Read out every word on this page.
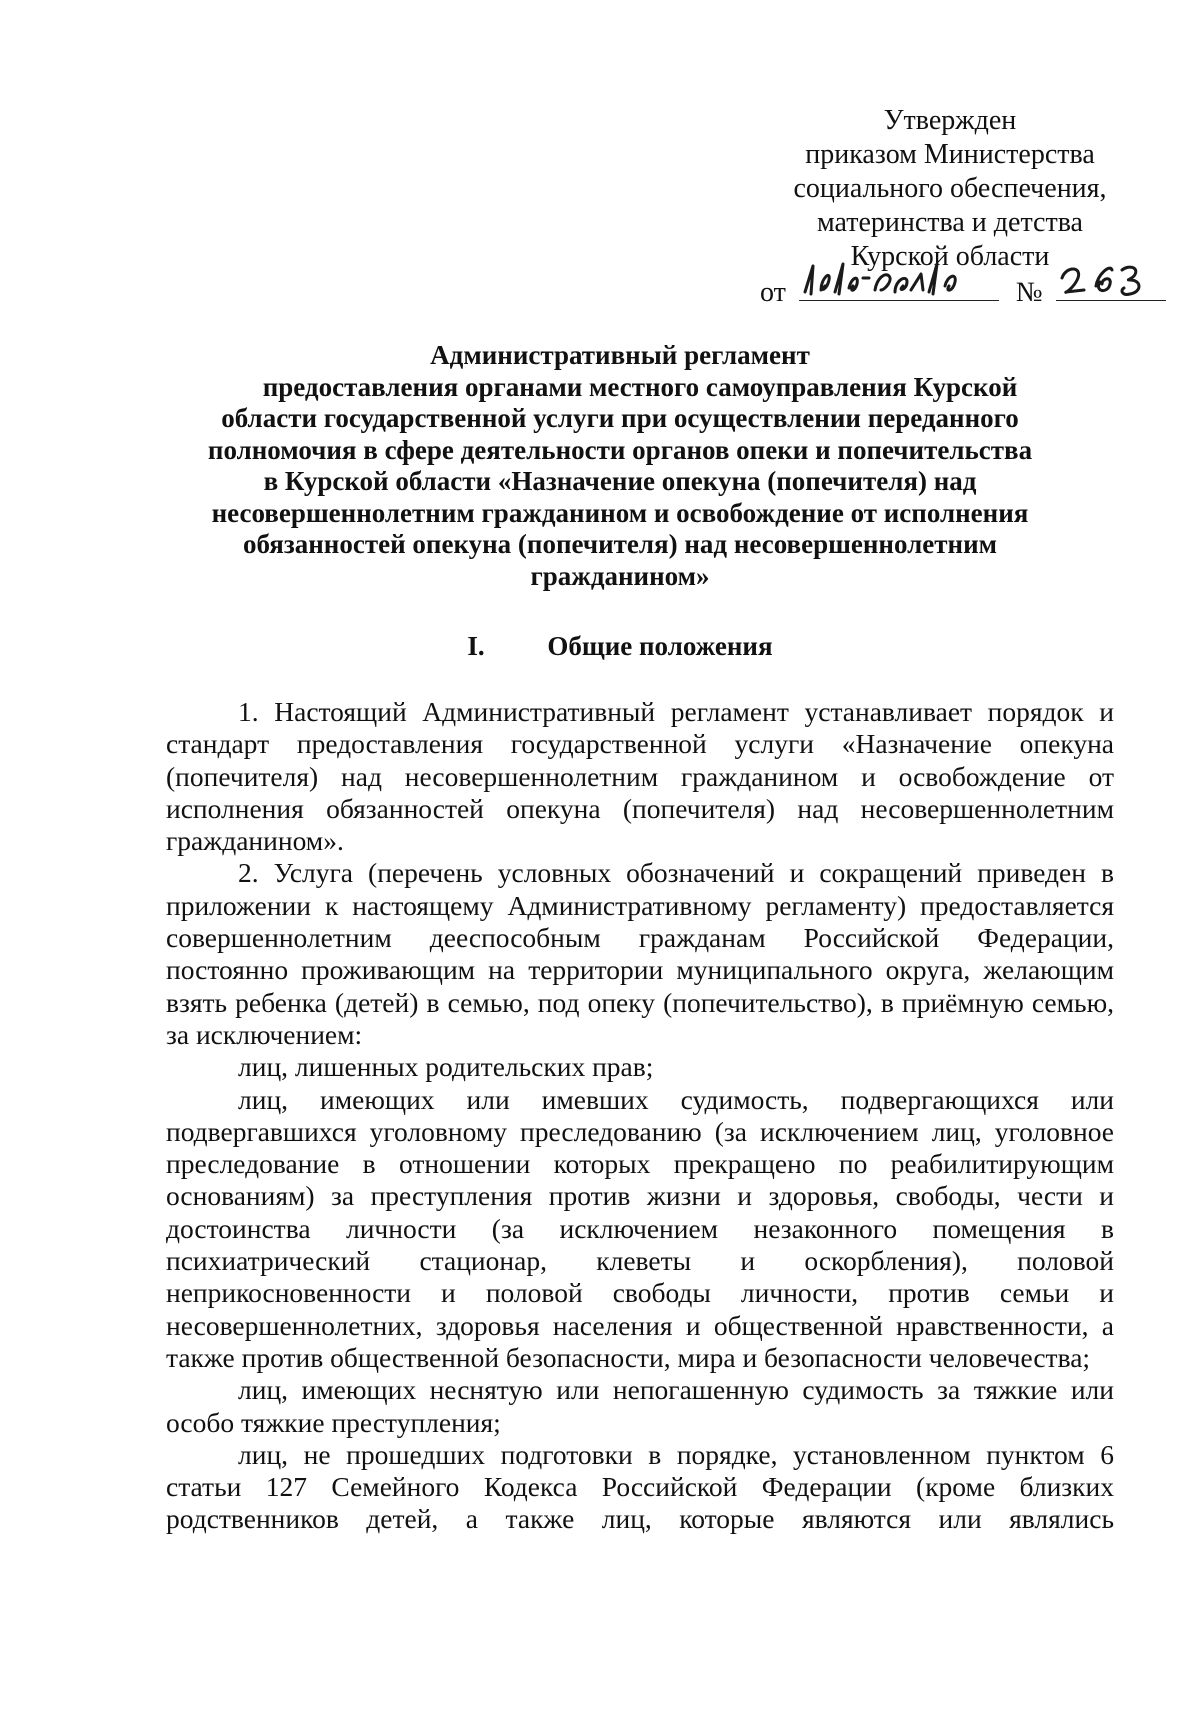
Утвержден
приказом Министерства
социального обеспечения,
материнства и детства
Курской области
от	№
Административный регламент
предоставления органами местного самоуправления Курской
области государственной услуги при осуществлении переданного
полномочия в сфере деятельности органов опеки и попечительства
в Курской области «Назначение опекуна (попечителя) над
несовершеннолетним гражданином и освобождение от исполнения
обязанностей опекуна (попечителя) над несовершеннолетним
гражданином»
I. Общие положения

1. Настоящий Административный регламент устанавливает порядок и стандарт предоставления государственной услуги «Назначение опекуна (попечителя) над несовершеннолетним гражданином и освобождение от исполнения обязанностей опекуна (попечителя) над несовершеннолетним гражданином».

2. Услуга (перечень условных обозначений и сокращений приведен в приложении к настоящему Административному регламенту) предоставляется совершеннолетним дееспособным гражданам Российской Федерации, постоянно проживающим на территории муниципального округа, желающим взять ребенка (детей) в семью, под опеку (попечительство), в приёмную семью, за исключением:

лиц, лишенных родительских прав;

лиц, имеющих или имевших судимость, подвергающихся или подвергавшихся уголовному преследованию (за исключением лиц, уголовное преследование в отношении которых прекращено по реабилитирующим основаниям) за преступления против жизни и здоровья, свободы, чести и достоинства личности (за исключением незаконного помещения в психиатрический стационар, клеветы и оскорбления), половой неприкосновенности и половой свободы личности, против семьи и несовершеннолетних, здоровья населения и общественной нравственности, а также против общественной безопасности, мира и безопасности человечества;

лиц, имеющих неснятую или непогашенную судимость за тяжкие или особо тяжкие преступления;

лиц, не прошедших подготовки в порядке, установленном пунктом 6 статьи 127 Семейного Кодекса Российской Федерации (кроме близких родственников детей, а также лиц, которые являются или являлись
